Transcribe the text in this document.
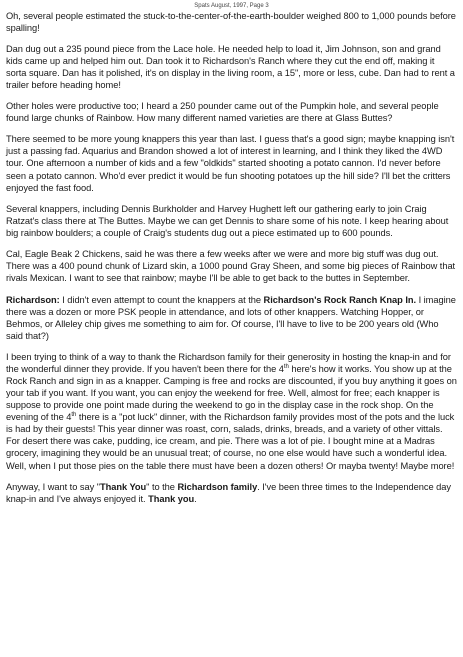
Spats August, 1997, Page 3

Oh, several people estimated the stuck-to-the-center-of-the-earth-boulder weighed 800 to 1,000 pounds before spalling!

Dan dug out a 235 pound piece from the Lace hole. He needed help to load it, Jim Johnson, son and grand kids came up and helped him out. Dan took it to Richardson's Ranch where they cut the end off, making it sorta square. Dan has it polished, it's on display in the living room, a 15", more or less, cube. Dan had to rent a trailer before heading home!

Other holes were productive too; I heard a 250 pounder came out of the Pumpkin hole, and several people found large chunks of Rainbow. How many different named varieties are there at Glass Buttes?

There seemed to be more young knappers this year than last. I guess that's a good sign; maybe knapping isn't just a passing fad. Aquarius and Brandon showed a lot of interest in learning, and I think they liked the 4WD tour. One afternoon a number of kids and a few "oldkids" started shooting a potato cannon. I'd never before seen a potato cannon. Who'd ever predict it would be fun shooting potatoes up the hill side? I'll bet the critters enjoyed the fast food.

Several knappers, including Dennis Burkholder and Harvey Hughett left our gathering early to join Craig Ratzat's class there at The Buttes. Maybe we can get Dennis to share some of his note. I keep hearing about big rainbow boulders; a couple of Craig's students dug out a piece estimated up to 600 pounds.

Cal, Eagle Beak 2 Chickens, said he was there a few weeks after we were and more big stuff was dug out. There was a 400 pound chunk of Lizard skin, a 1000 pound Gray Sheen, and some big pieces of Rainbow that rivals Mexican. I want to see that rainbow; maybe I'll be able to get back to the buttes in September.

Richardson: I didn't even attempt to count the knappers at the Richardson's Rock Ranch Knap In. I imagine there was a dozen or more PSK people in attendance, and lots of other knappers. Watching Hopper, or Behmos, or Alleley chip gives me something to aim for. Of course, I'll have to live to be 200 years old (Who said that?)

I been trying to think of a way to thank the Richardson family for their generosity in hosting the knap-in and for the wonderful dinner they provide. If you haven't been there for the 4th here's how it works. You show up at the Rock Ranch and sign in as a knapper. Camping is free and rocks are discounted, if you buy anything it goes on your tab if you want. If you want, you can enjoy the weekend for free. Well, almost for free; each knapper is suppose to provide one point made during the weekend to go in the display case in the rock shop. On the evening of the 4th there is a "pot luck" dinner, with the Richardson family provides most of the pots and the luck is had by their guests! This year dinner was roast, corn, salads, drinks, breads, and a variety of other vittals. For desert there was cake, pudding, ice cream, and pie. There was a lot of pie. I bought mine at a Madras grocery, imagining they would be an unusual treat; of course, no one else would have such a wonderful idea. Well, when I put those pies on the table there must have been a dozen others! Or mayba twenty! Maybe more!

Anyway, I want to say "Thank You" to the Richardson family. I've been three times to the Independence day knap-in and I've always enjoyed it. Thank you.
